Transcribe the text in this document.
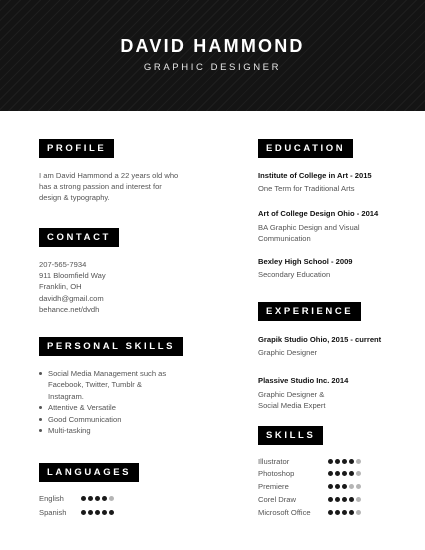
DAVID HAMMOND
GRAPHIC DESIGNER
PROFILE
I am David Hammond a 22 years old who
has a strong passion and interest for
design & typography.
CONTACT
207-565-7934
911 Bloomfield Way
Franklin, OH
davidh@gmail.com
behance.net/dvdh
PERSONAL SKILLS
Social Media Management such as Facebook, Twitter, Tumblr & Instagram.
Attentive & Versatile
Good Communication
Multi-tasking
LANGUAGES
English
Spanish
EDUCATION
Institute of College in Art - 2015
One Term for Traditional Arts
Art of College Design Ohio - 2014
BA Graphic Design and Visual
Communication
Bexley High School - 2009
Secondary Education
EXPERIENCE
Grapik Studio Ohio, 2015 - current
Graphic Designer
Plassive Studio Inc. 2014
Graphic Designer &
Social Media Expert
SKILLS
Illustrator
Photoshop
Premiere
Corel Draw
Microsoft Office
